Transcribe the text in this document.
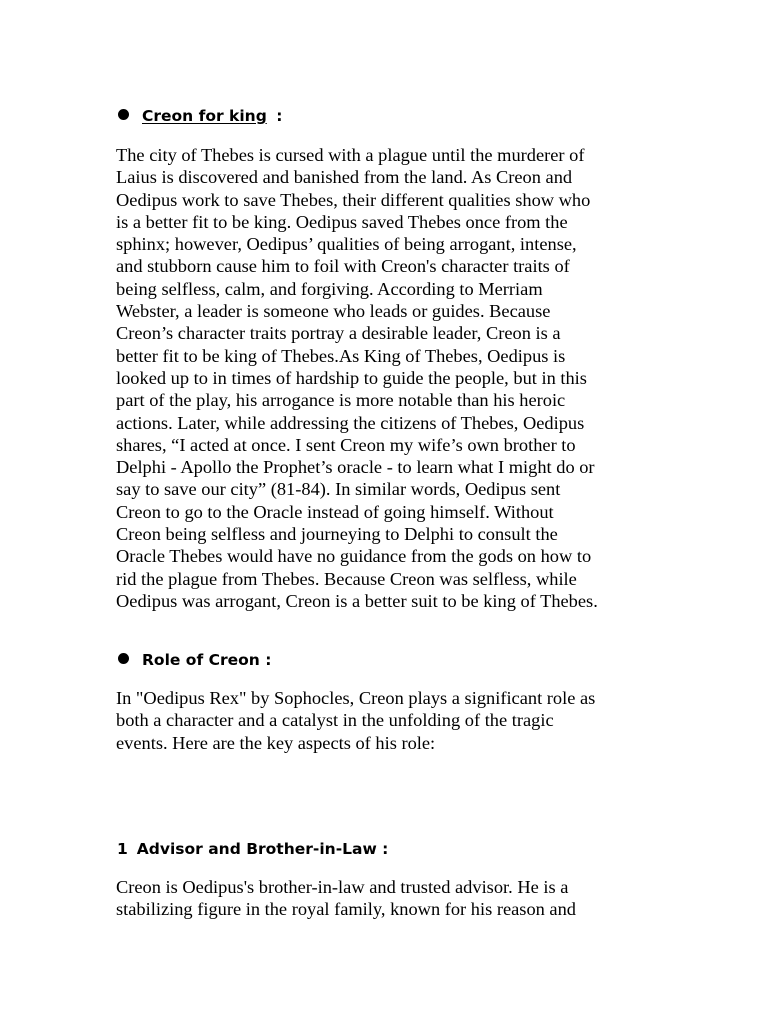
Creon for king :

The city of Thebes is cursed with a plague until the murderer of
Laius is discovered and banished from the land. As Creon and
Oedipus work to save Thebes, their different qualities show who
is a better fit to be king. Oedipus saved Thebes once from the
sphinx; however, Oedipus’ qualities of being arrogant, intense,
and stubborn cause him to foil with Creon's character traits of
being selfless, calm, and forgiving. According to Merriam
Webster, a leader is someone who leads or guides. Because
Creon’s character traits portray a desirable leader, Creon is a
better fit to be king of Thebes.As King of Thebes, Oedipus is
looked up to in times of hardship to guide the people, but in this
part of the play, his arrogance is more notable than his heroic
actions. Later, while addressing the citizens of Thebes, Oedipus
shares, “I acted at once. I sent Creon my wife’s own brother to
Delphi - Apollo the Prophet’s oracle - to learn what I might do or
say to save our city” (81-84). In similar words, Oedipus sent
Creon to go to the Oracle instead of going himself. Without
Creon being selfless and journeying to Delphi to consult the
Oracle Thebes would have no guidance from the gods on how to
rid the plague from Thebes. Because Creon was selfless, while
Oedipus was arrogant, Creon is a better suit to be king of Thebes.

Role of Creon :

In "Oedipus Rex" by Sophocles, Creon plays a significant role as
both a character and a catalyst in the unfolding of the tragic
events. Here are the key aspects of his role:

1 Advisor and Brother-in-Law :

Creon is Oedipus's brother-in-law and trusted advisor. He is a
stabilizing figure in the royal family, known for his reason and
